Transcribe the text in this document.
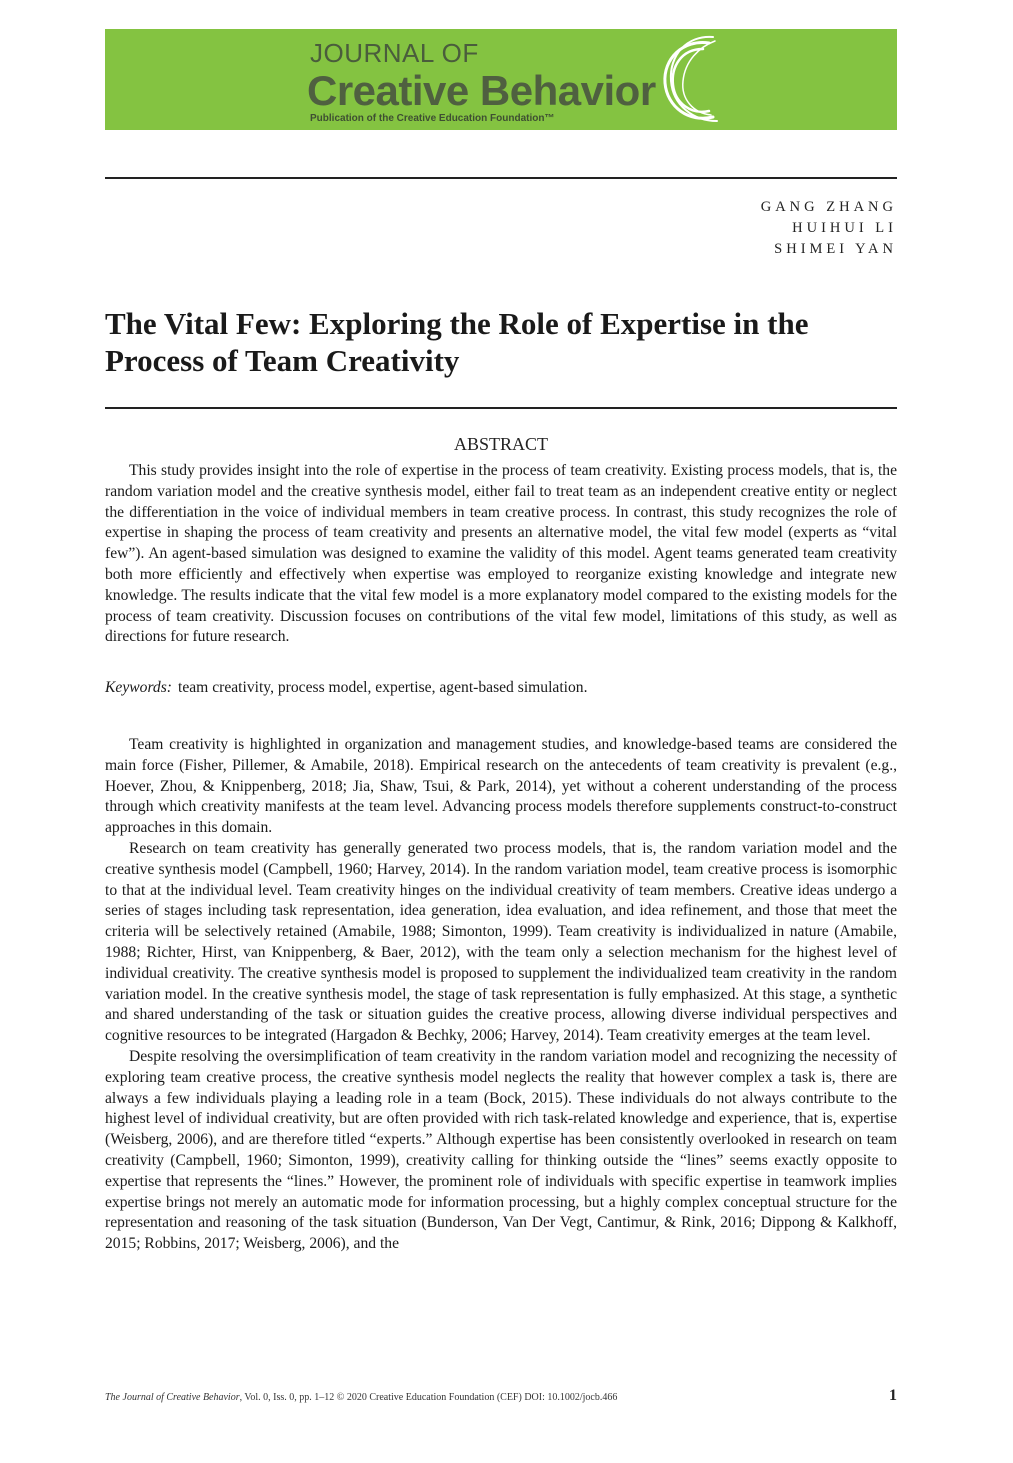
JOURNAL OF
Creative Behavior
Publication of the Creative Education Foundation™
GANG ZHANG
HUIHUI LI
SHIMEI YAN
The Vital Few: Exploring the Role of Expertise in the Process of Team Creativity
ABSTRACT

This study provides insight into the role of expertise in the process of team creativity. Existing process models, that is, the random variation model and the creative synthesis model, either fail to treat team as an independent creative entity or neglect the differentiation in the voice of individual members in team creative process. In contrast, this study recognizes the role of expertise in shaping the process of team creativity and presents an alternative model, the vital few model (experts as “vital few”). An agent-based simulation was designed to examine the validity of this model. Agent teams generated team creativity both more efficiently and effectively when expertise was employed to reorganize existing knowledge and integrate new knowledge. The results indicate that the vital few model is a more explanatory model compared to the existing models for the process of team creativity. Discussion focuses on contributions of the vital few model, limitations of this study, as well as directions for future research.

Keywords: team creativity, process model, expertise, agent-based simulation.

Team creativity is highlighted in organization and management studies, and knowledge-based teams are considered the main force (Fisher, Pillemer, & Amabile, 2018). Empirical research on the antecedents of team creativity is prevalent (e.g., Hoever, Zhou, & Knippenberg, 2018; Jia, Shaw, Tsui, & Park, 2014), yet without a coherent understanding of the process through which creativity manifests at the team level. Advancing process models therefore supplements construct-to-construct approaches in this domain.

Research on team creativity has generally generated two process models, that is, the random variation model and the creative synthesis model (Campbell, 1960; Harvey, 2014). In the random variation model, team creative process is isomorphic to that at the individual level. Team creativity hinges on the individual creativity of team members. Creative ideas undergo a series of stages including task representation, idea generation, idea evaluation, and idea refinement, and those that meet the criteria will be selectively retained (Amabile, 1988; Simonton, 1999). Team creativity is individualized in nature (Amabile, 1988; Richter, Hirst, van Knippenberg, & Baer, 2012), with the team only a selection mechanism for the highest level of individual creativity. The creative synthesis model is proposed to supplement the individualized team creativity in the random variation model. In the creative synthesis model, the stage of task representation is fully emphasized. At this stage, a synthetic and shared understanding of the task or situation guides the creative process, allowing diverse individual perspectives and cognitive resources to be integrated (Hargadon & Bechky, 2006; Harvey, 2014). Team creativity emerges at the team level.

Despite resolving the oversimplification of team creativity in the random variation model and recognizing the necessity of exploring team creative process, the creative synthesis model neglects the reality that however complex a task is, there are always a few individuals playing a leading role in a team (Bock, 2015). These individuals do not always contribute to the highest level of individual creativity, but are often provided with rich task-related knowledge and experience, that is, expertise (Weisberg, 2006), and are therefore titled “experts.” Although expertise has been consistently overlooked in research on team creativity (Campbell, 1960; Simonton, 1999), creativity calling for thinking outside the “lines” seems exactly opposite to expertise that represents the “lines.” However, the prominent role of individuals with specific expertise in teamwork implies expertise brings not merely an automatic mode for information processing, but a highly complex conceptual structure for the representation and reasoning of the task situation (Bunderson, Van Der Vegt, Cantimur, & Rink, 2016; Dippong & Kalkhoff, 2015; Robbins, 2017; Weisberg, 2006), and the

The Journal of Creative Behavior, Vol. 0, Iss. 0, pp. 1–12 © 2020 Creative Education Foundation (CEF) DOI: 10.1002/jocb.466	1
